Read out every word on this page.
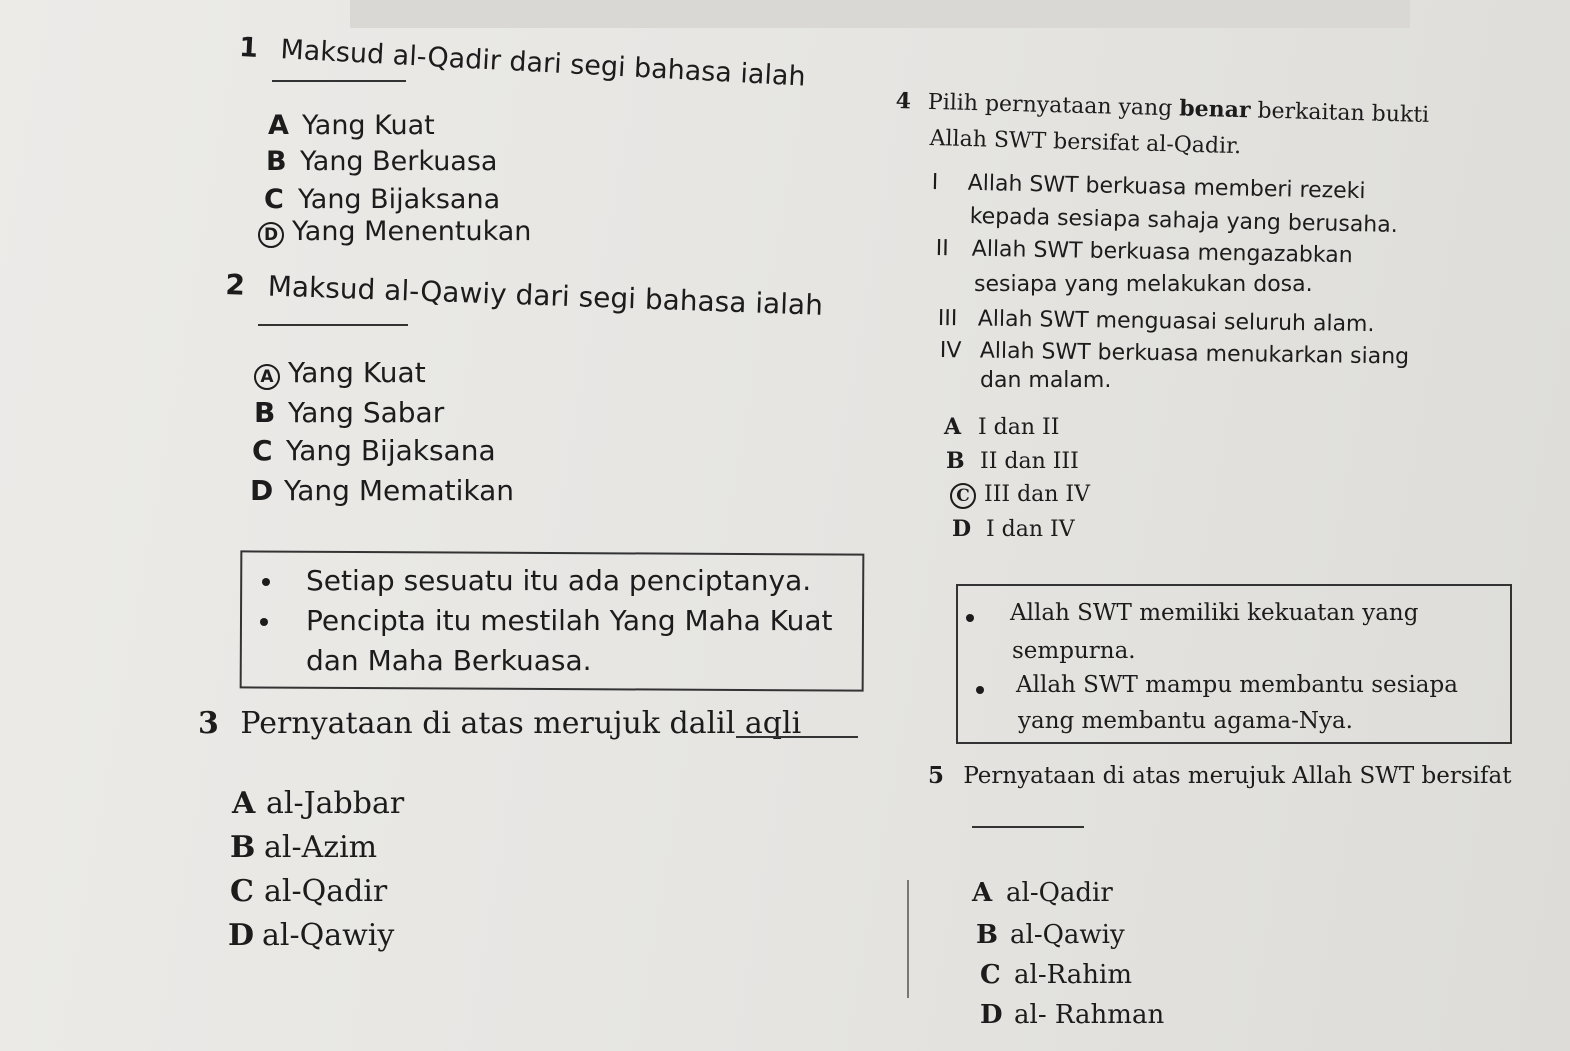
1 Maksud al-Qadir dari segi bahasa ialah
A Yang Kuat
B Yang Berkuasa
C Yang Bijaksana
D Yang Menentukan
2 Maksud al-Qawiy dari segi bahasa ialah
A Yang Kuat
B Yang Sabar
C Yang Bijaksana
D Yang Mematikan
Setiap sesuatu itu ada penciptanya.
Pencipta itu mestilah Yang Maha Kuat
dan Maha Berkuasa.
3 Pernyataan di atas merujuk dalil aqli
A al-Jabbar
B al-Azim
C al-Qadir
D al-Qawiy
4 Pilih pernyataan yang benar berkaitan bukti
Allah SWT bersifat al-Qadir.
I Allah SWT berkuasa memberi rezeki
kepada sesiapa sahaja yang berusaha.
II Allah SWT berkuasa mengazabkan
sesiapa yang melakukan dosa.
III Allah SWT menguasai seluruh alam.
IV Allah SWT berkuasa menukarkan siang
dan malam.
A I dan II
B II dan III
C III dan IV
D I dan IV
Allah SWT memiliki kekuatan yang
sempurna.
Allah SWT mampu membantu sesiapa
yang membantu agama-Nya.
5 Pernyataan di atas merujuk Allah SWT bersifat
A al-Qadir
B al-Qawiy
C al-Rahim
D al- Rahman
